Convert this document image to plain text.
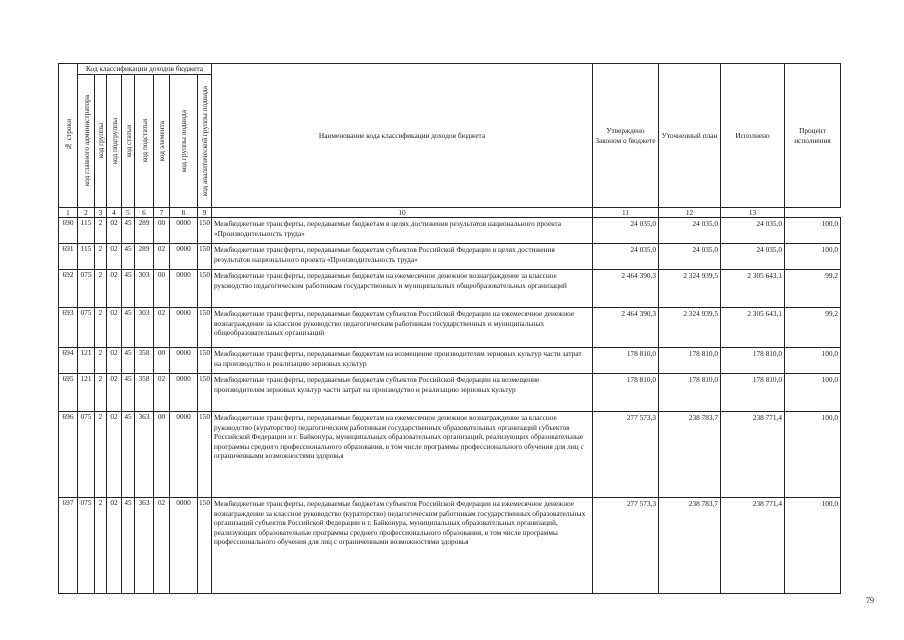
№ строки	Код классификации доходов бюджета								Наименование кода классификации доходов бюджета	Утверждено Законом о бюджете	Уточненный план	Исполнено	Процент исполнения

	код главного администратора	код группы	код подгруппы	код статьи	код подстатьи	код элемента	код группы подвида	код аналитической группы подвида					

1	2	3	4	5	6	7	8	9	10	11	12	13	
690	115	2	02	45	289	00	0000	150	Межбюджетные трансферты, передаваемые бюджетам в целях достижения результатов национального проекта «Производительность труда»	24 035,0	24 035,0	24 035,0	100,0
691	115	2	02	45	289	02	0000	150	Межбюджетные трансферты, передаваемые бюджетам субъектов Российской Федерации в целях достижения результатов национального проекта «Производительность труда»	24 035,0	24 035,0	24 035,0	100,0
692	075	2	02	45	303	00	0000	150	Межбюджетные трансферты, передаваемые бюджетам на ежемесячное денежное вознаграждение за классное руководство педагогическим работникам государственных и муниципальных общеобразовательных организаций	2 464 390,3	2 324 939,5	2 305 643,1	99,2
693	075	2	02	45	303	02	0000	150	Межбюджетные трансферты, передаваемые бюджетам субъектов Российской Федерации на ежемесячное денежное вознаграждение за классное руководство педагогическим работникам государственных и муниципальных общеобразовательных организаций	2 464 390,3	2 324 939,5	2 305 643,1	99,2
694	121	2	02	45	358	00	0000	150	Межбюджетные трансферты, передаваемые бюджетам на возмещение производителям зерновых культур части затрат на производство и реализацию зерновых культур	178 810,0	178 810,0	178 810,0	100,0
695	121	2	02	45	358	02	0000	150	Межбюджетные трансферты, передаваемые бюджетам субъектов Российской Федерации на возмещение производителям зерновых культур части затрат на производство и реализацию зерновых культур	178 810,0	178 810,0	178 810,0	100,0
696	075	2	02	45	363	00	0000	150	Межбюджетные трансферты, передаваемые бюджетам на ежемесячное денежное вознаграждение за классное руководство (кураторство) педагогическим работникам государственных образовательных организаций субъектов Российской Федерации и г. Байконура, муниципальных образовательных организаций, реализующих образовательные программы среднего профессионального образования, в том числе программы профессионального обучения для лиц с ограниченными возможностями здоровья	277 573,3	238 783,7	238 771,4	100,0
697	075	2	02	45	363	02	0000	150	Межбюджетные трансферты, передаваемые бюджетам субъектов Российской Федерации на ежемесячное денежное вознаграждение за классное руководство (кураторство) педагогическим работникам государственных образовательных организаций субъектов Российской Федерации и г. Байконура, муниципальных образовательных организаций, реализующих образовательные программы среднего профессионального образования, в том числе программы профессионального обучения для лиц с ограниченными возможностями здоровья	277 573,3	238 783,7	238 771,4	100,0
79
